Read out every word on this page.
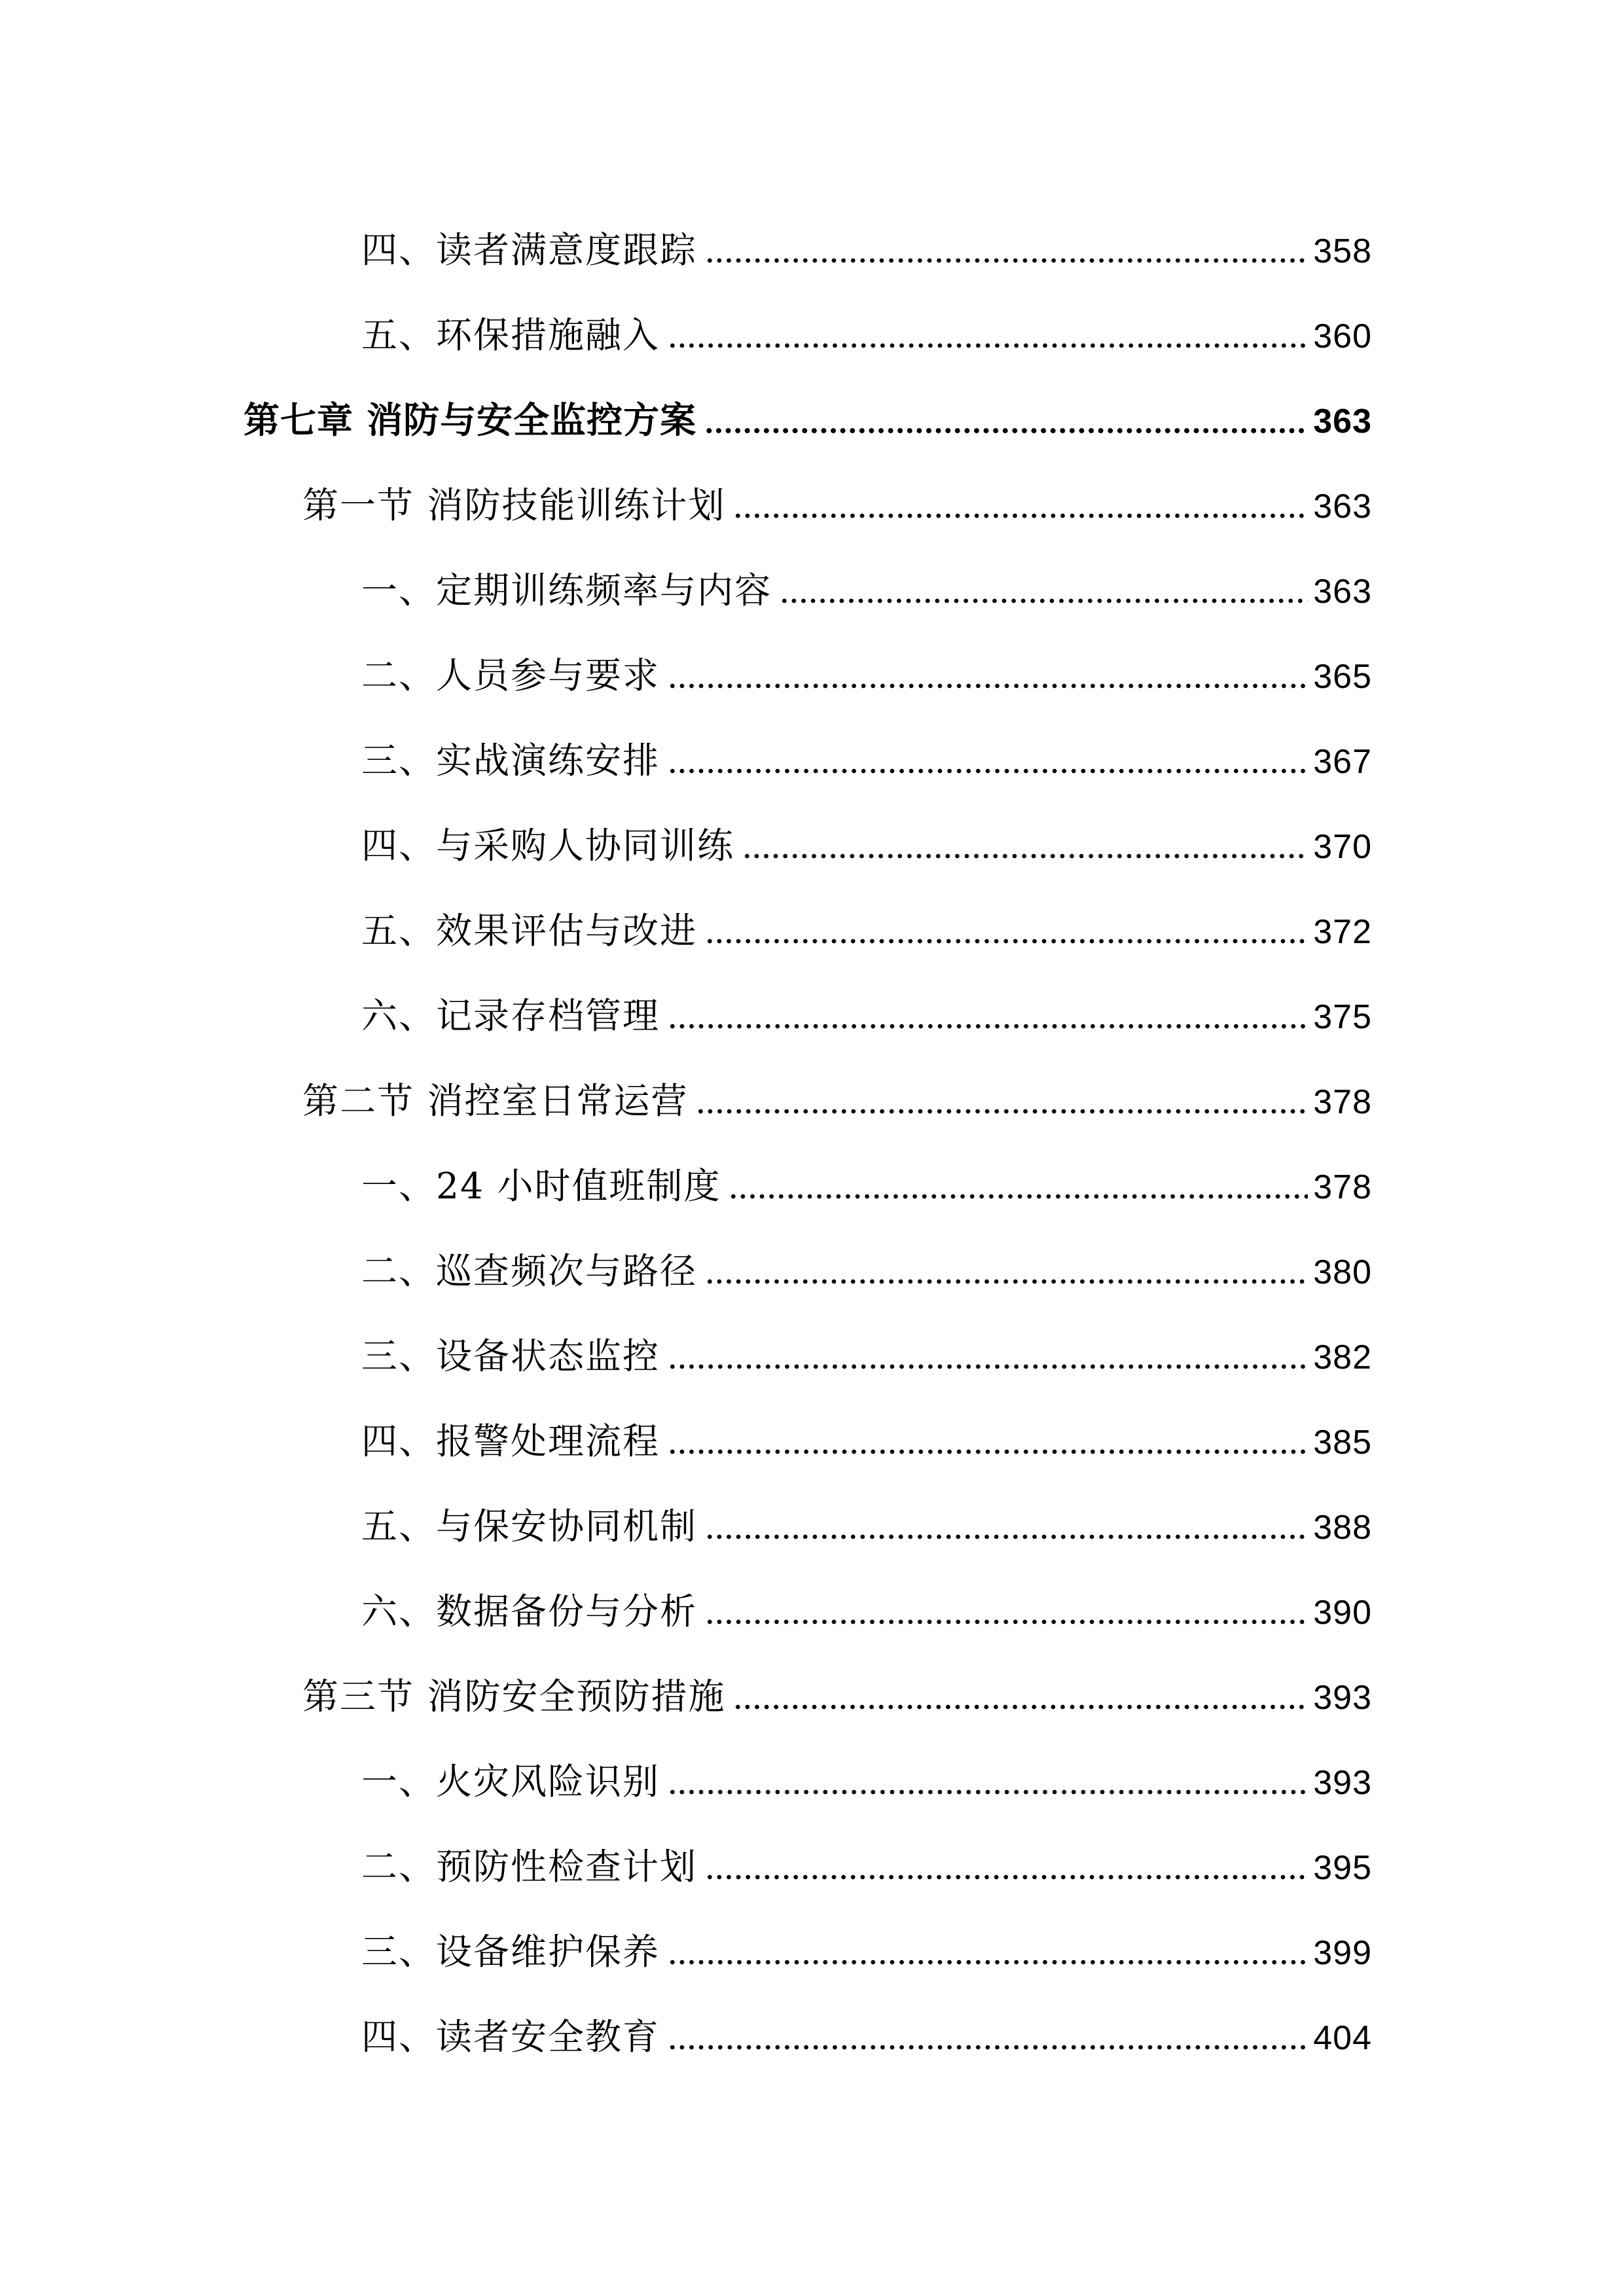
四、读者满意度跟踪	358
五、环保措施融入	360
第七章 消防与安全监控方案	363
第一节 消防技能训练计划	363
一、定期训练频率与内容	363
二、人员参与要求	365
三、实战演练安排	367
四、与采购人协同训练	370
五、效果评估与改进	372
六、记录存档管理	375
第二节 消控室日常运营	378
一、24 小时值班制度	378
二、巡查频次与路径	380
三、设备状态监控	382
四、报警处理流程	385
五、与保安协同机制	388
六、数据备份与分析	390
第三节 消防安全预防措施	393
一、火灾风险识别	393
二、预防性检查计划	395
三、设备维护保养	399
四、读者安全教育	404
